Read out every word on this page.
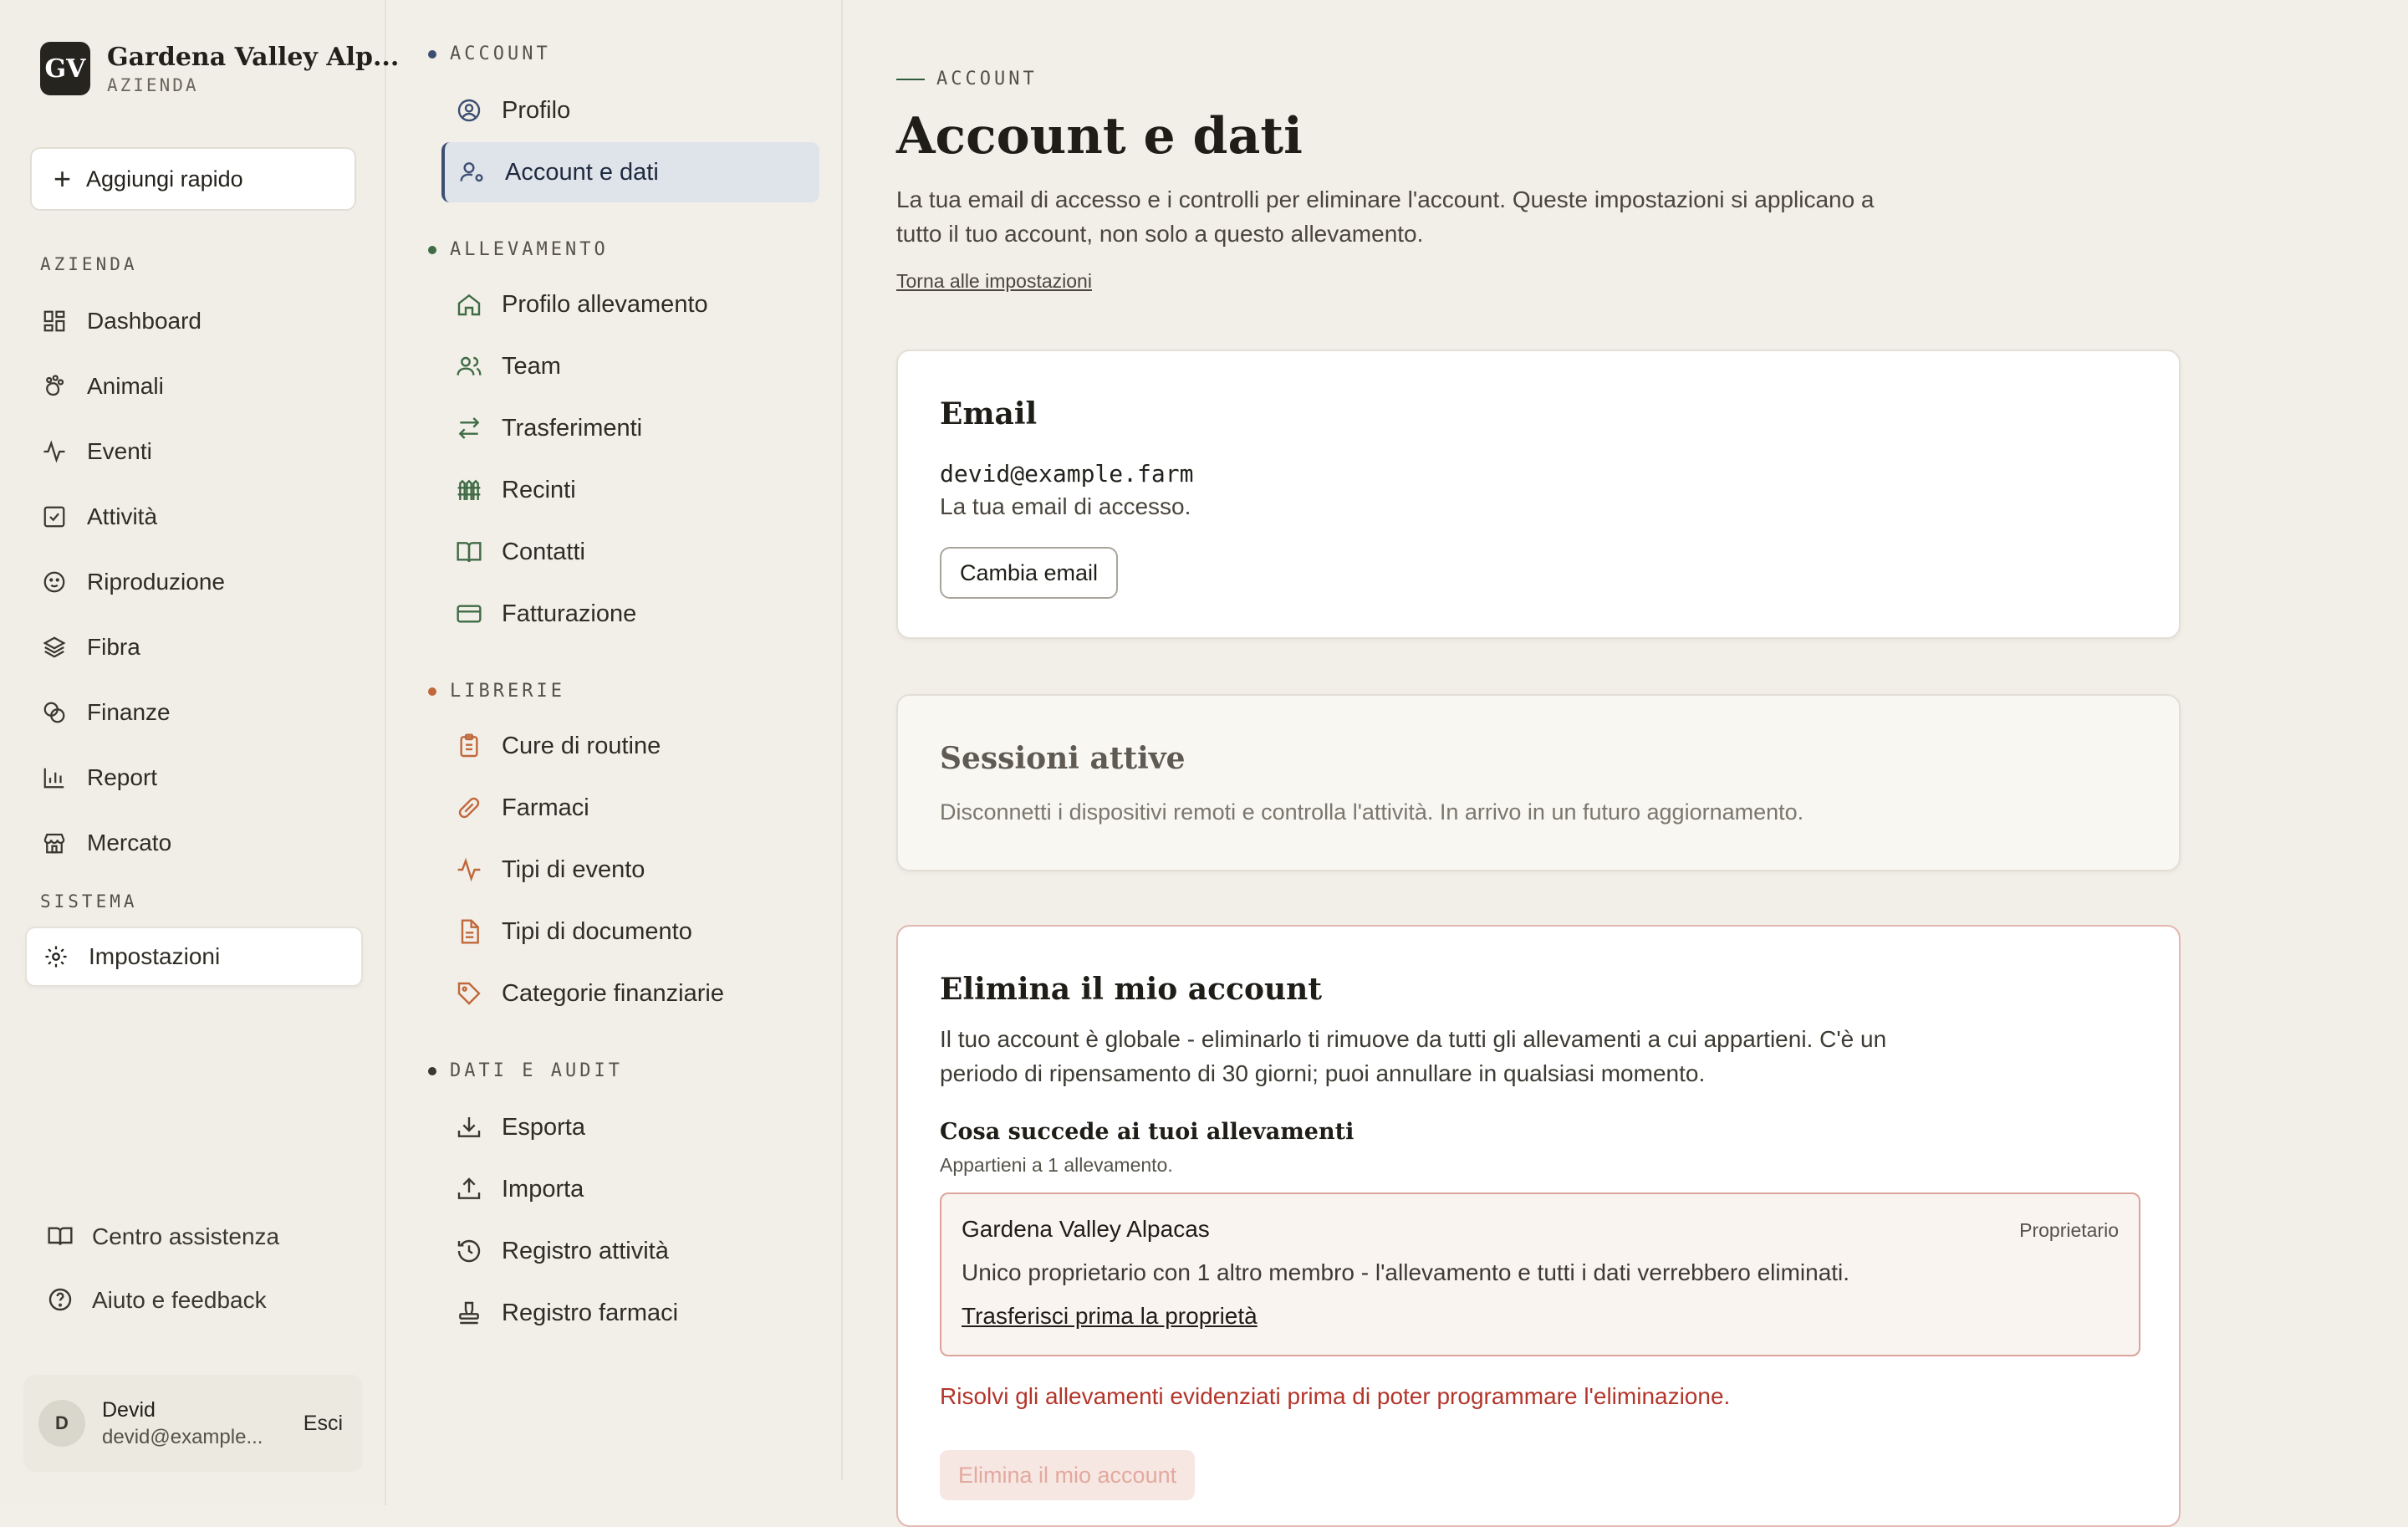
GV Gardena Valley Alp...
AZIENDA
+ Aggiungi rapido
AZIENDA
Dashboard
Animali
Eventi
Attività
Riproduzione
Fibra
Finanze
Report
Mercato
SISTEMA
Impostazioni
Centro assistenza
Aiuto e feedback
D
Devid
devid@example...
Esci
ACCOUNT
Profilo
Account e dati
ALLEVAMENTO
Profilo allevamento
Team
Trasferimenti
Recinti
Contatti
Fatturazione
LIBRERIE
Cure di routine
Farmaci
Tipi di evento
Tipi di documento
Categorie finanziarie
DATI E AUDIT
Esporta
Importa
Registro attività
Registro farmaci
ACCOUNT
Account e dati

La tua email di accesso e i controlli per eliminare l'account. Queste impostazioni si applicano a tutto il tuo account, non solo a questo allevamento.

Torna alle impostazioni
Email
devid@example.farm
La tua email di accesso.
Cambia email
Sessioni attive
Disconnetti i dispositivi remoti e controlla l'attività. In arrivo in un futuro aggiornamento.
Elimina il mio account

Il tuo account è globale - eliminarlo ti rimuove da tutti gli allevamenti a cui appartieni. C'è un periodo di ripensamento di 30 giorni; puoi annullare in qualsiasi momento.

Cosa succede ai tuoi allevamenti
Appartieni a 1 allevamento.
Gardena Valley Alpacas	Proprietario
Unico proprietario con 1 altro membro - l'allevamento e tutti i dati verrebbero eliminati.
Trasferisci prima la proprietà
Risolvi gli allevamenti evidenziati prima di poter programmare l'eliminazione.
Elimina il mio account
